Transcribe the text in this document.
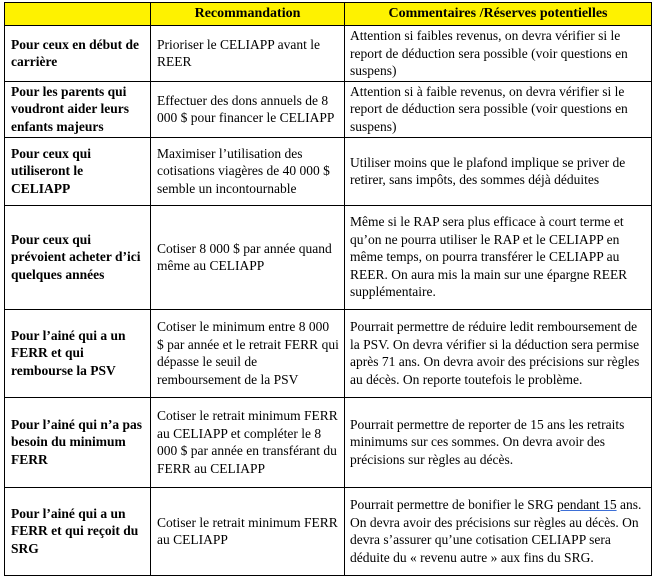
	Recommandation	Commentaires /Réserves potentielles
Pour ceux en début de carrière	Prioriser le CELIAPP avant le REER	Attention si faibles revenus, on devra vérifier si le report de déduction sera possible (voir questions en suspens)
Pour les parents qui voudront aider leurs enfants majeurs	Effectuer des dons annuels de 8 000 $ pour financer le CELIAPP	Attention si à faible revenus, on devra vérifier si le report de déduction sera possible (voir questions en suspens)
Pour ceux qui utiliseront le CELIAPP	Maximiser l’utilisation des cotisations viagères de 40 000 $ semble un incontournable	Utiliser moins que le plafond implique se priver de retirer, sans impôts, des sommes déjà déduites
Pour ceux qui prévoient acheter d’ici quelques années	Cotiser 8 000 $ par année quand même au CELIAPP	Même si le RAP sera plus efficace à court terme et qu’on ne pourra utiliser le RAP et le CELIAPP en même temps, on pourra transférer le CELIAPP au REER. On aura mis la main sur une épargne REER supplémentaire.
Pour l’ainé qui a un FERR et qui rembourse la PSV	Cotiser le minimum entre 8 000 $ par année et le retrait FERR qui dépasse le seuil de remboursement de la PSV	Pourrait permettre de réduire ledit remboursement de la PSV. On devra vérifier si la déduction sera permise après 71 ans. On devra avoir des précisions sur règles au décès. On reporte toutefois le problème.
Pour l’ainé qui n’a pas besoin du minimum FERR	Cotiser le retrait minimum FERR au CELIAPP et compléter le 8 000 $ par année en transférant du FERR au CELIAPP	Pourrait permettre de reporter de 15 ans les retraits minimums sur ces sommes. On devra avoir des précisions sur règles au décès.
Pour l’ainé qui a un FERR et qui reçoit du SRG	Cotiser le retrait minimum FERR au CELIAPP	Pourrait permettre de bonifier le SRG pendant 15 ans. On devra avoir des précisions sur règles au décès. On devra s’assurer qu’une cotisation CELIAPP sera déduite du « revenu autre » aux fins du SRG.
